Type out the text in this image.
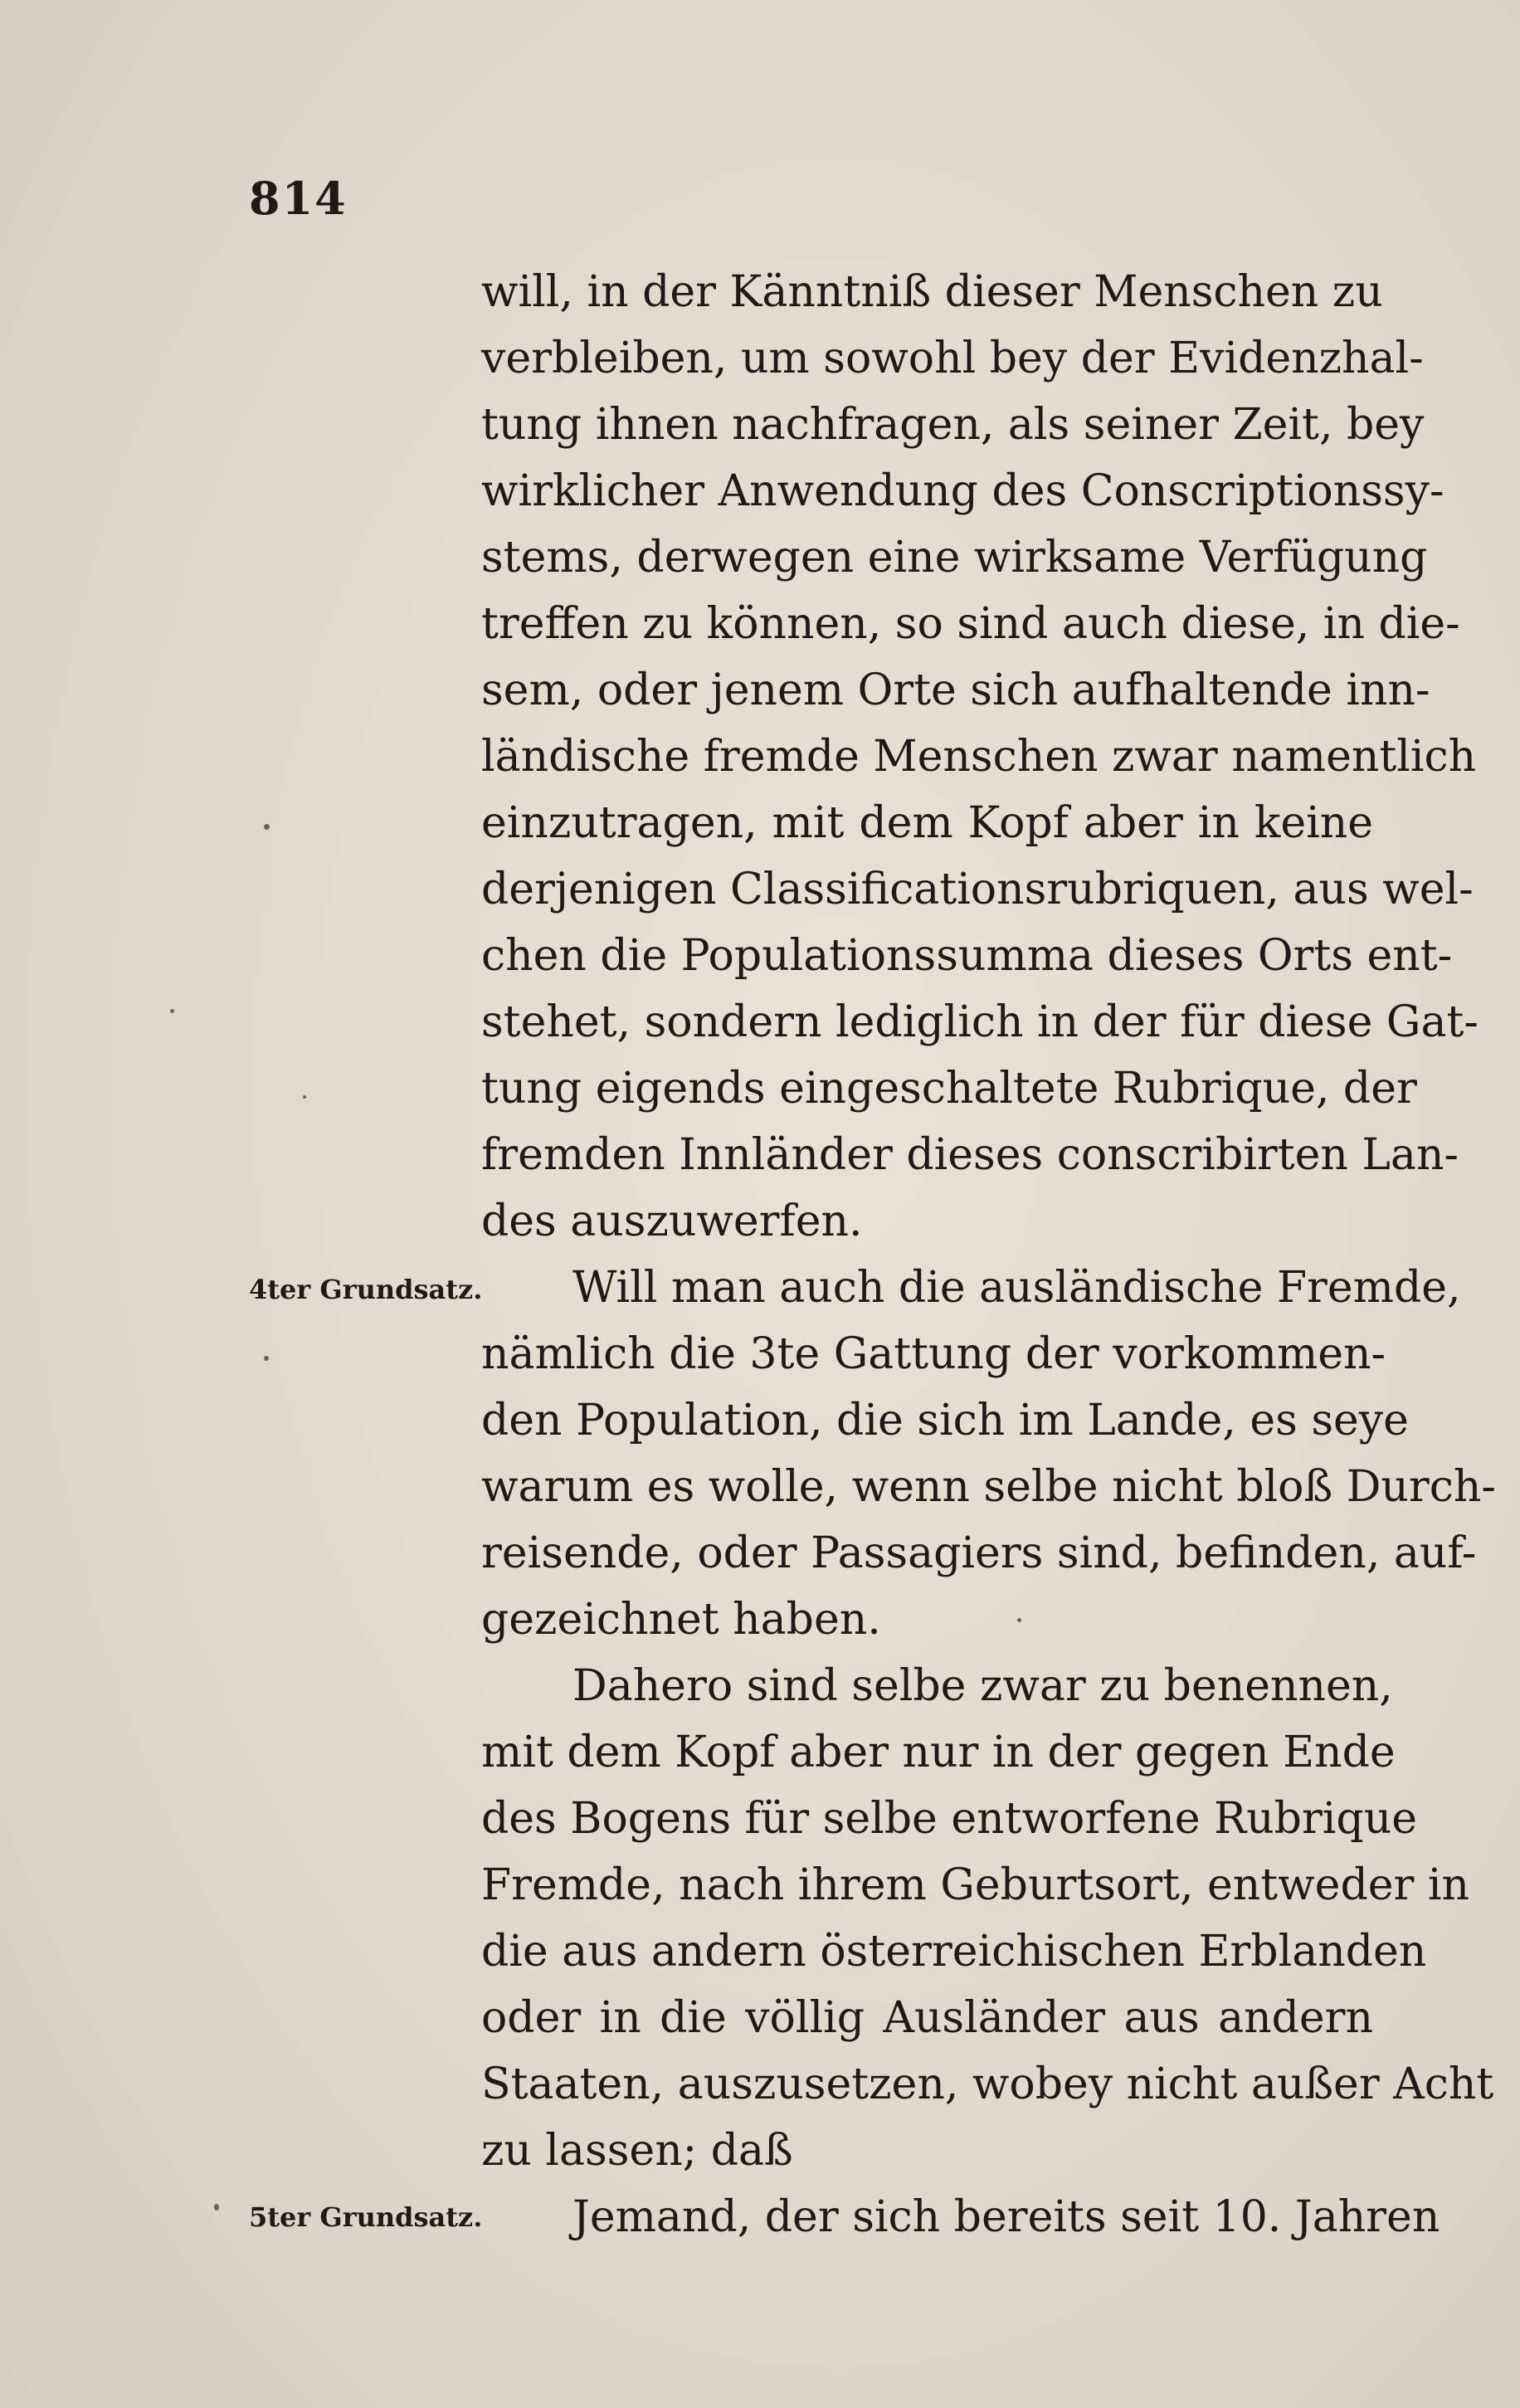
814
will, in der Känntniß dieser Menschen zu
verbleiben, um sowohl bey der Evidenzhal-
tung ihnen nachfragen, als seiner Zeit, bey
wirklicher Anwendung des Conscriptionssy-
stems, derwegen eine wirksame Verfügung
treffen zu können, so sind auch diese, in die-
sem, oder jenem Orte sich aufhaltende inn-
ländische fremde Menschen zwar namentlich
einzutragen, mit dem Kopf aber in keine
derjenigen Classificationsrubriquen, aus wel-
chen die Populationssumma dieses Orts ent-
stehet, sondern lediglich in der für diese Gat-
tung eigends eingeschaltete Rubrique, der
fremden Innländer dieses conscribirten Lan-
des auszuwerfen.
4ter Grundsatz.	Will man auch die ausländische Fremde,
nämlich die 3te Gattung der vorkommen-
den Population, die sich im Lande, es seye
warum es wolle, wenn selbe nicht bloß Durch-
reisende, oder Passagiers sind, befinden, auf-
gezeichnet haben.
Dahero sind selbe zwar zu benennen,
mit dem Kopf aber nur in der gegen Ende
des Bogens für selbe entworfene Rubrique
Fremde, nach ihrem Geburtsort, entweder in
die aus andern österreichischen Erblanden
oder in die völlig Ausländer aus andern
Staaten, auszusetzen, wobey nicht außer Acht
zu lassen; daß
5ter Grundsatz.	Jemand, der sich bereits seit 10. Jahren
